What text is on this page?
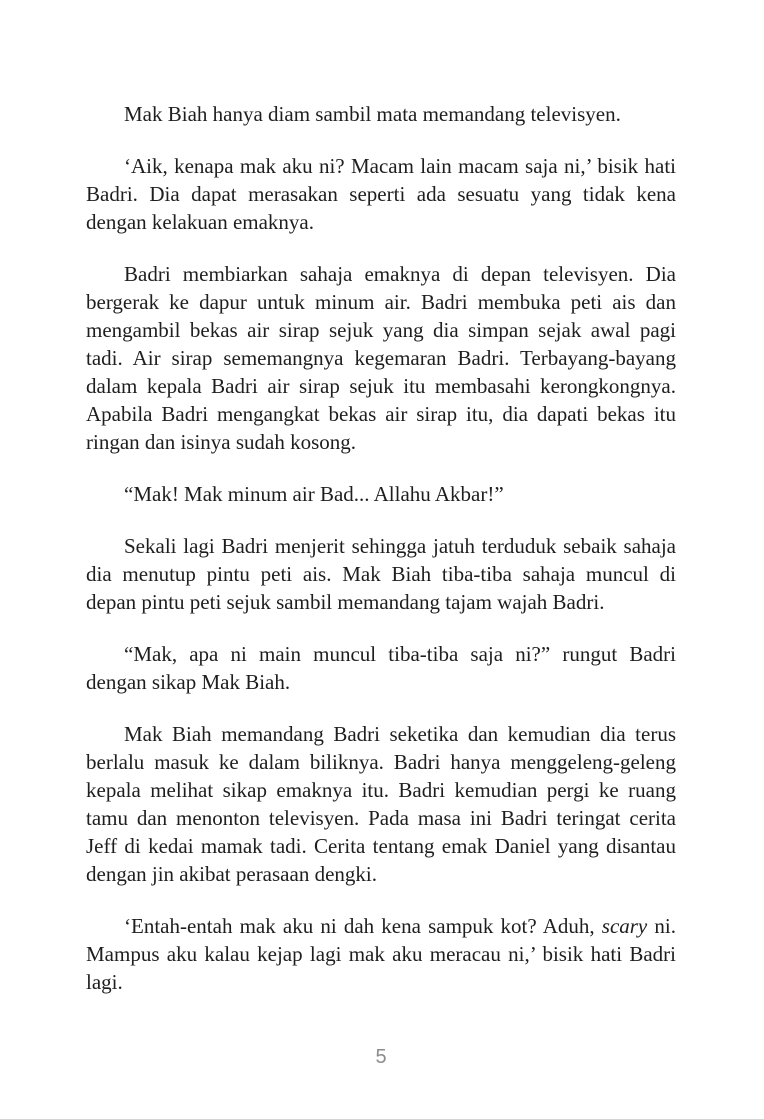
Mak Biah hanya diam sambil mata memandang televisyen.

‘Aik, kenapa mak aku ni? Macam lain macam saja ni,’ bisik hati Badri. Dia dapat merasakan seperti ada sesuatu yang tidak kena dengan kelakuan emaknya.

Badri membiarkan sahaja emaknya di depan televisyen. Dia bergerak ke dapur untuk minum air. Badri membuka peti ais dan mengambil bekas air sirap sejuk yang dia simpan sejak awal pagi tadi. Air sirap sememangnya kegemaran Badri. Terbayang-bayang dalam kepala Badri air sirap sejuk itu membasahi kerongkongnya. Apabila Badri mengangkat bekas air sirap itu, dia dapati bekas itu ringan dan isinya sudah kosong.

“Mak! Mak minum air Bad... Allahu Akbar!”

Sekali lagi Badri menjerit sehingga jatuh terduduk sebaik sahaja dia menutup pintu peti ais. Mak Biah tiba-tiba sahaja muncul di depan pintu peti sejuk sambil memandang tajam wajah Badri.

“Mak, apa ni main muncul tiba-tiba saja ni?” rungut Badri dengan sikap Mak Biah.

Mak Biah memandang Badri seketika dan kemudian dia terus berlalu masuk ke dalam biliknya. Badri hanya menggeleng-geleng kepala melihat sikap emaknya itu. Badri kemudian pergi ke ruang tamu dan menonton televisyen. Pada masa ini Badri teringat cerita Jeff di kedai mamak tadi. Cerita tentang emak Daniel yang disantau dengan jin akibat perasaan dengki.

‘Entah-entah mak aku ni dah kena sampuk kot? Aduh, scary ni. Mampus aku kalau kejap lagi mak aku meracau ni,’ bisik hati Badri lagi.

5
